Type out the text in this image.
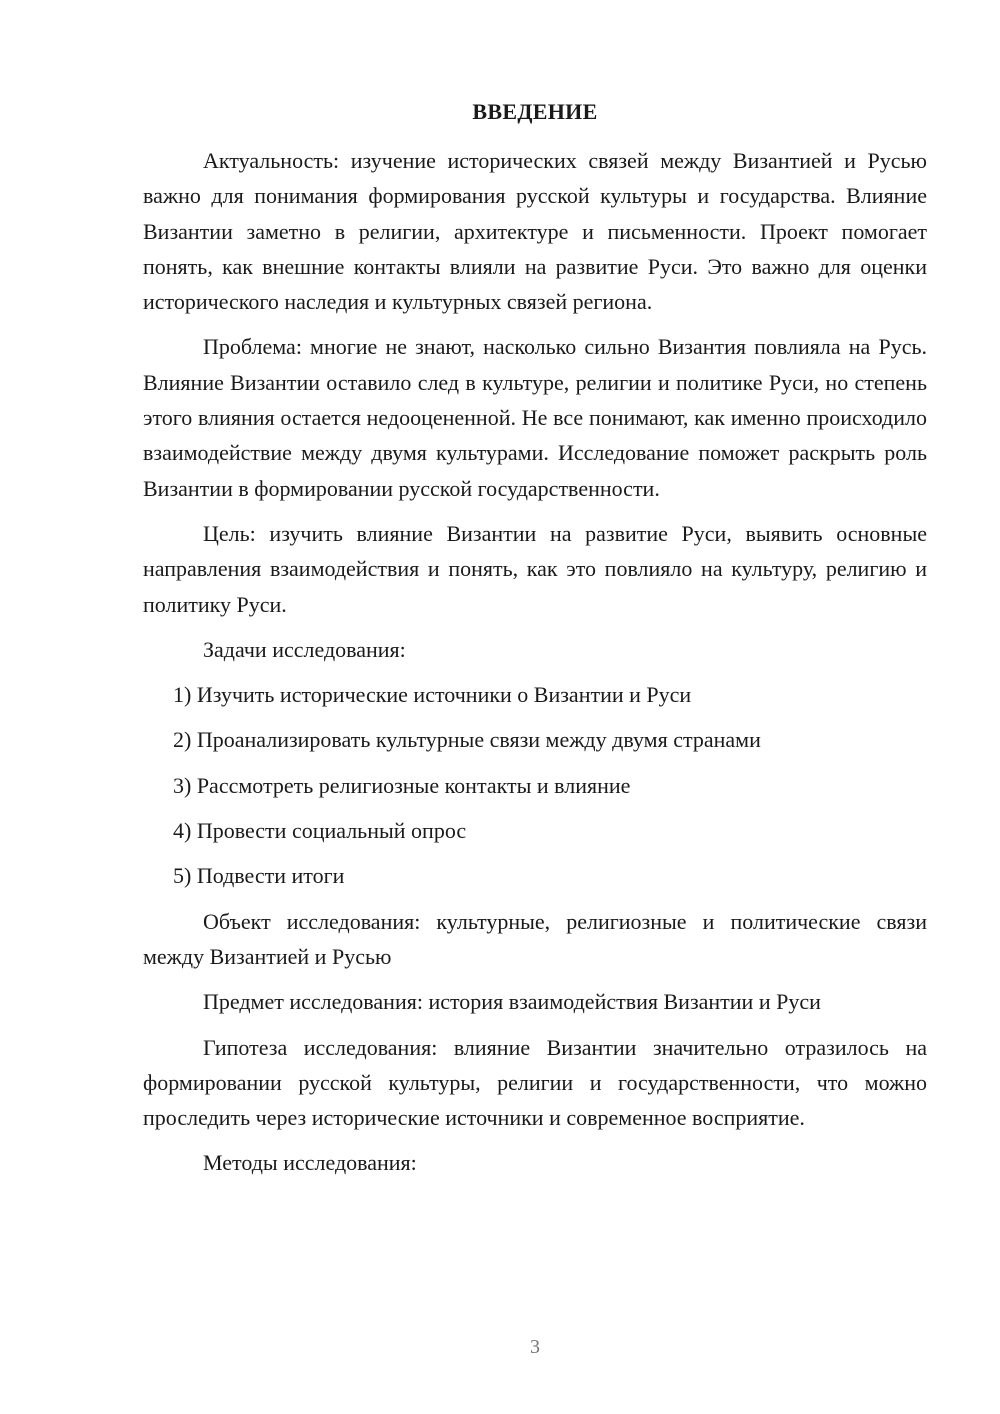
ВВЕДЕНИЕ

Актуальность: изучение исторических связей между Византией и Русью важно для понимания формирования русской культуры и государства. Влияние Византии заметно в религии, архитектуре и письменности. Проект помогает понять, как внешние контакты влияли на развитие Руси. Это важно для оценки исторического наследия и культурных связей региона.

Проблема: многие не знают, насколько сильно Византия повлияла на Русь. Влияние Византии оставило след в культуре, религии и политике Руси, но степень этого влияния остается недооцененной. Не все понимают, как именно происходило взаимодействие между двумя культурами. Исследование поможет раскрыть роль Византии в формировании русской государственности.

Цель: изучить влияние Византии на развитие Руси, выявить основные направления взаимодействия и понять, как это повлияло на культуру, религию и политику Руси.

Задачи исследования:

1) Изучить исторические источники о Византии и Руси
2) Проанализировать культурные связи между двумя странами
3) Рассмотреть религиозные контакты и влияние
4) Провести социальный опрос
5) Подвести итоги

Объект исследования: культурные, религиозные и политические связи между Византией и Русью

Предмет исследования: история взаимодействия Византии и Руси

Гипотеза исследования: влияние Византии значительно отразилось на формировании русской культуры, религии и государственности, что можно проследить через исторические источники и современное восприятие.

Методы исследования:

3
